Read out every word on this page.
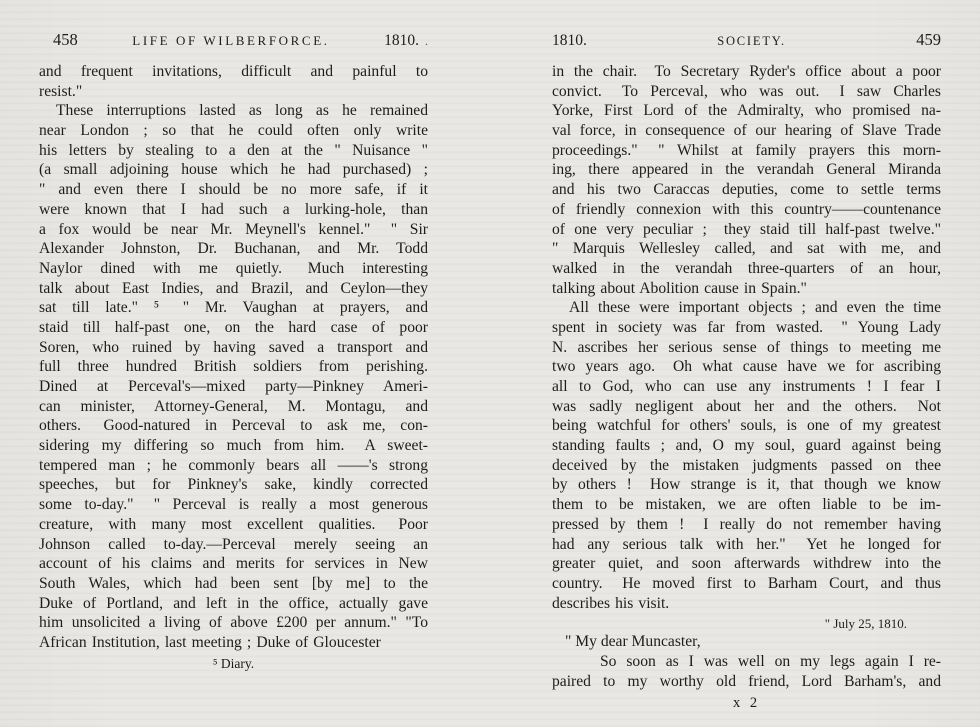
458	LIFE OF WILBERFORCE.	1810. .
and frequent invitations, difficult and painful to
resist."
These interruptions lasted as long as he remained
near London ; so that he could often only write
his letters by stealing to a den at the " Nuisance "
(a small adjoining house which he had purchased) ;
" and even there I should be no more safe, if it
were known that I had such a lurking-hole, than
a fox would be near Mr. Meynell's kennel."  " Sir
Alexander Johnston, Dr. Buchanan, and Mr. Todd
Naylor dined with me quietly.  Much interesting
talk about East Indies, and Brazil, and Ceylon—they
sat till late." ⁵  " Mr. Vaughan at prayers, and
staid till half-past one, on the hard case of poor
Soren, who ruined by having saved a transport and
full three hundred British soldiers from perishing.
Dined at Perceval's—mixed party—Pinkney Ameri-
can minister, Attorney-General, M. Montagu, and
others.  Good-natured in Perceval to ask me, con-
sidering my differing so much from him.  A sweet-
tempered man ; he commonly bears all ——'s strong
speeches, but for Pinkney's sake, kindly corrected
some to-day."  " Perceval is really a most generous
creature, with many most excellent qualities.  Poor
Johnson called to-day.—Perceval merely seeing an
account of his claims and merits for services in New
South Wales, which had been sent [by me] to the
Duke of Portland, and left in the office, actually gave
him unsolicited a living of above £200 per annum." "To
African Institution, last meeting ; Duke of Gloucester
⁵ Diary.
1810.	SOCIETY.	459
in the chair.  To Secretary Ryder's office about a poor
convict.  To Perceval, who was out.  I saw Charles
Yorke, First Lord of the Admiralty, who promised na-
val force, in consequence of our hearing of Slave Trade
proceedings."  " Whilst at family prayers this morn-
ing, there appeared in the verandah General Miranda
and his two Caraccas deputies, come to settle terms
of friendly connexion with this country——countenance
of one very peculiar ;  they staid till half-past twelve."
" Marquis Wellesley called, and sat with me, and
walked in the verandah three-quarters of an hour,
talking about Abolition cause in Spain."
All these were important objects ; and even the time
spent in society was far from wasted.  " Young Lady
N. ascribes her serious sense of things to meeting me
two years ago.  Oh what cause have we for ascribing
all to God, who can use any instruments ! I fear I
was sadly negligent about her and the others.  Not
being watchful for others' souls, is one of my greatest
standing faults ; and, O my soul, guard against being
deceived by the mistaken judgments passed on thee
by others !  How strange is it, that though we know
them to be mistaken, we are often liable to be im-
pressed by them !  I really do not remember having
had any serious talk with her."  Yet he longed for
greater quiet, and soon afterwards withdrew into the
country.  He moved first to Barham Court, and thus
describes his visit.
" July 25, 1810.
" My dear Muncaster,
So soon as I was well on my legs again I re-
paired to my worthy old friend, Lord Barham's, and
x 2
